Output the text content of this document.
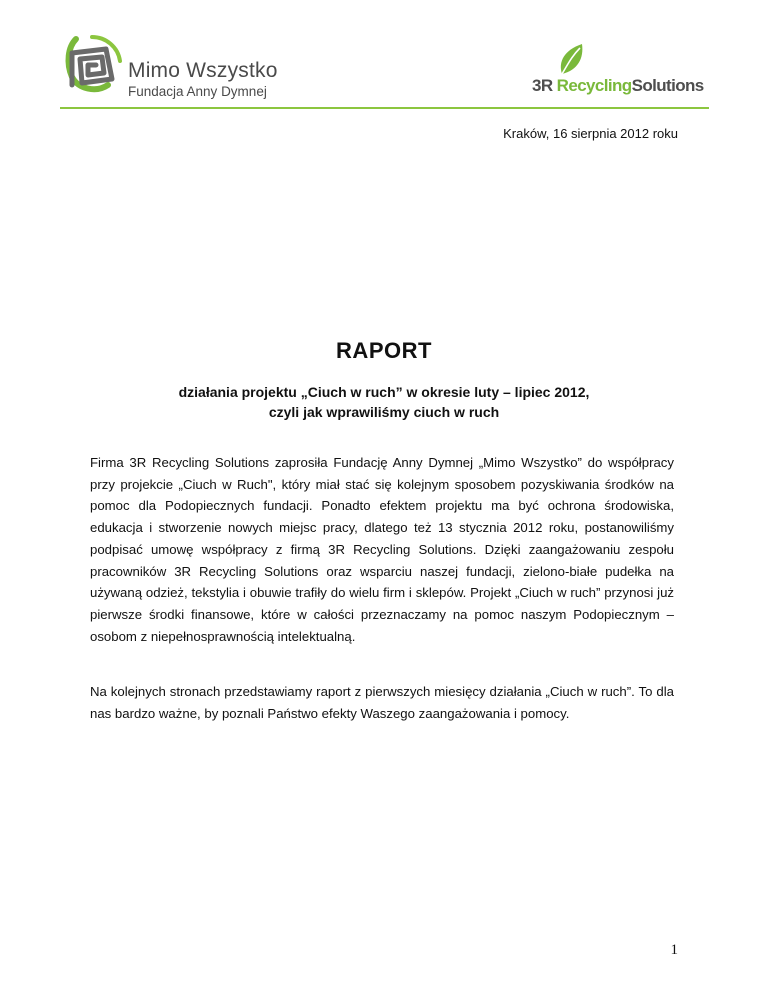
Mimo Wszystko
Fundacja Anny Dymnej	3R RecyclingSolutions
Kraków, 16 sierpnia 2012 roku
RAPORT
działania projektu „Ciuch w ruch” w okresie luty – lipiec 2012,
czyli jak wprawiliśmy ciuch w ruch

Firma 3R Recycling Solutions zaprosiła Fundację Anny Dymnej „Mimo Wszystko” do współpracy przy projekcie „Ciuch w Ruch", który miał stać się kolejnym sposobem pozyskiwania środków na pomoc dla Podopiecznych fundacji. Ponadto efektem projektu ma być ochrona środowiska, edukacja i stworzenie nowych miejsc pracy, dlatego też 13 stycznia 2012 roku, postanowiliśmy podpisać umowę współpracy z firmą 3R Recycling Solutions. Dzięki zaangażowaniu zespołu pracowników 3R Recycling Solutions oraz wsparciu naszej fundacji, zielono-białe pudełka na używaną odzież, tekstylia i obuwie trafiły do wielu firm i sklepów. Projekt „Ciuch w ruch” przynosi już pierwsze środki finansowe, które w całości przeznaczamy na pomoc naszym Podopiecznym – osobom z niepełnosprawnością intelektualną.

Na kolejnych stronach przedstawiamy raport z pierwszych miesięcy działania „Ciuch w ruch”. To dla nas bardzo ważne, by poznali Państwo efekty Waszego zaangażowania i pomocy.

1
